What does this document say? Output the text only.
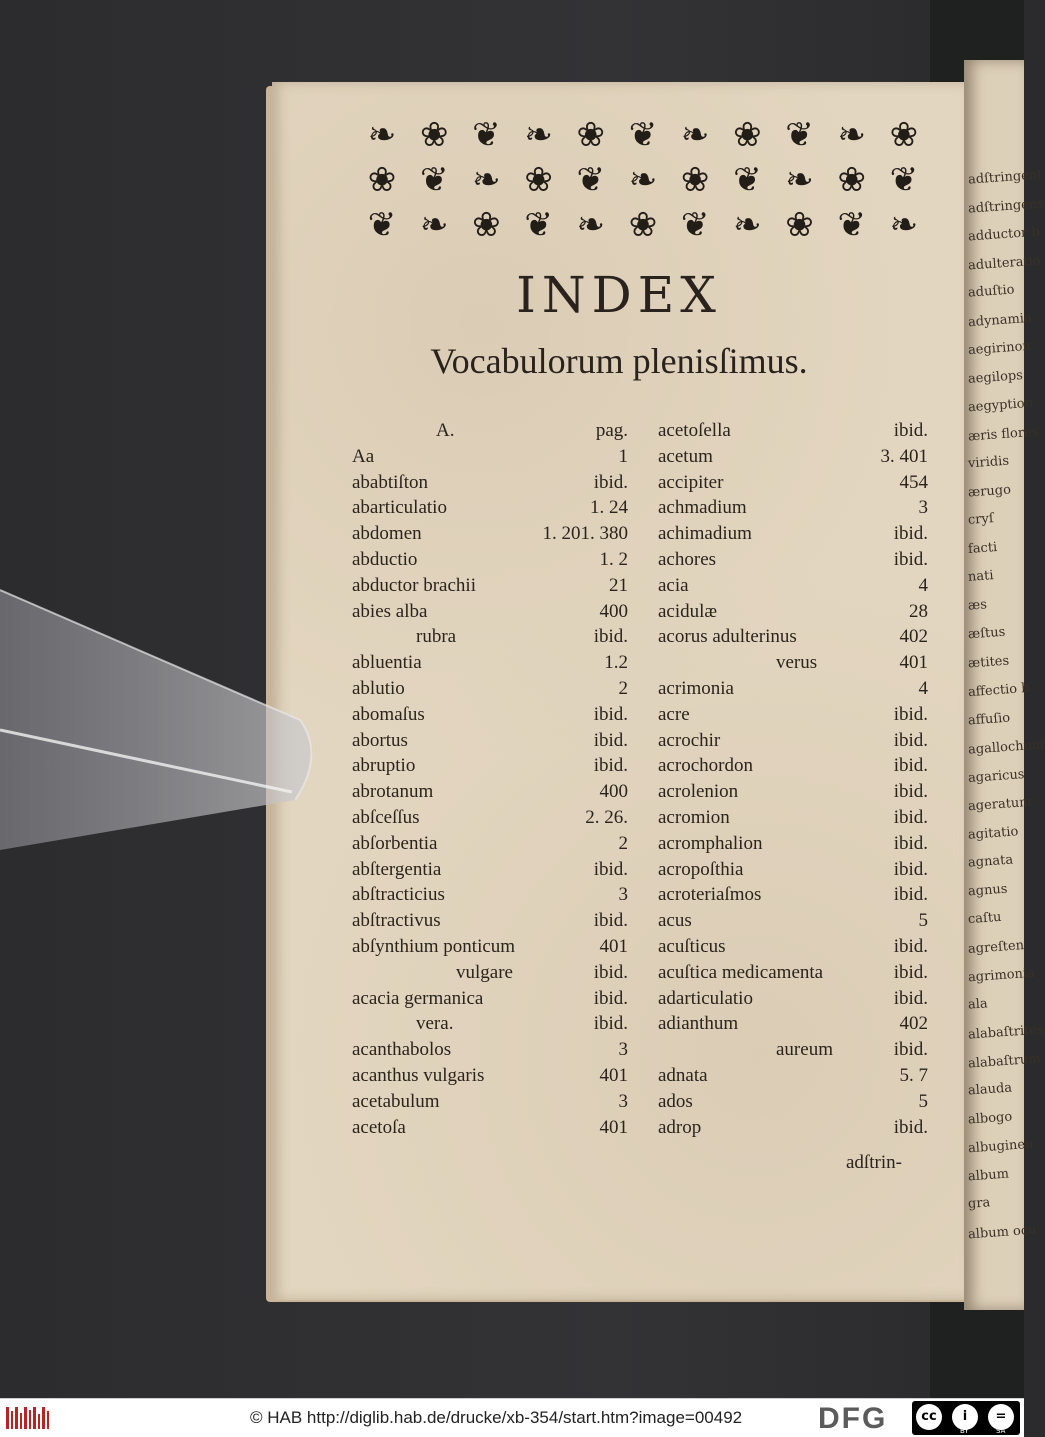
adſtringent
adſtringens
adductor b
adulteratio
aduſtio
adynamia
aegirinon
aegilops
aegyption
æris flores
viridis
ærugo
cryſ
facti
nati
æs
æſtus
ætites
affectio b
affuſio
agallochum
agaricus
ageratum
agitatio
agnata
agnus
caſtu
agreſten
agrimonia
ala
alabaſtrites
alabaſtrum
alauda
albogo
albugineu
album
gra
album ocu
❧ ❀ ❦ ❧ ❀ ❦ ❧ ❀ ❦ ❧ ❀
❀ ❦ ❧ ❀ ❦ ❧ ❀ ❦ ❧ ❀ ❦
❦ ❧ ❀ ❦ ❧ ❀ ❦ ❧ ❀ ❦ ❧
INDEX
Vocabulorum plenisſimus.
A.	pag.
Aa	1
ababtiſton	ibid.
abarticulatio	1. 24
abdomen	1. 201. 380
abductio	1. 2
abductor brachii	21
abies alba	400
rubra	ibid.
abluentia	1.2
ablutio	2
abomaſus	ibid.
abortus	ibid.
abruptio	ibid.
abrotanum	400
abſceſſus	2. 26.
abſorbentia	2
abſtergentia	ibid.
abſtracticius	3
abſtractivus	ibid.
abſynthium ponticum	401
vulgare	ibid.
acacia germanica	ibid.
vera.	ibid.
acanthabolos	3
acanthus vulgaris	401
acetabulum	3
acetoſa	401
acetoſella	ibid.
acetum	3. 401
accipiter	454
achmadium	3
achimadium	ibid.
achores	ibid.
acia	4
acidulæ	28
acorus adulterinus	402
verus	401
acrimonia	4
acre	ibid.
acrochir	ibid.
acrochordon	ibid.
acrolenion	ibid.
acromion	ibid.
acromphalion	ibid.
acropoſthia	ibid.
acroteriaſmos	ibid.
acus	5
acuſticus	ibid.
acuſtica medicamenta	ibid.
adarticulatio	ibid.
adianthum	402
aureum	ibid.
adnata	5. 7
ados	5
adrop	ibid.
adſtrin-
© HAB http://diglib.hab.de/drucke/xb-354/start.htm?image=00492	DFG	cc	i	=
BY	SA
